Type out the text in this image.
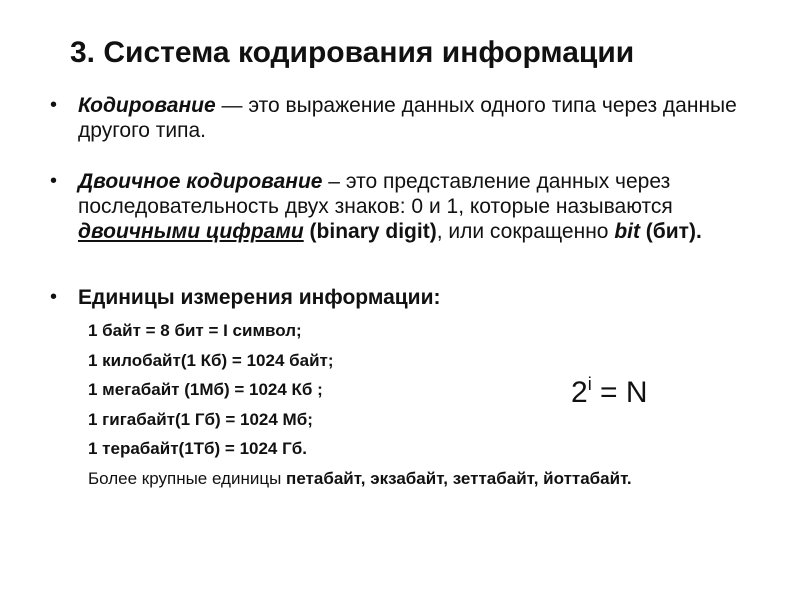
3. Система кодирования информации
• Кодирование — это выражение данных одного типа через данные другого типа.
• Двоичное кодирование – это представление данных через последовательность двух знаков: 0 и 1, которые называются двоичными цифрами (binary digit), или сокращенно bit (бит).
• Единицы измерения информации:
1 байт = 8 бит = I символ;
1 килобайт(1 Кб) = 1024 байт;
1 мегабайт (1Мб) = 1024 Кб ;
1 гигабайт(1 Гб) = 1024 Мб;
1 терабайт(1Тб) = 1024 Гб.
Более крупные единицы петабайт, экзабайт, зеттабайт, йоттабайт.
$2^i = N$
